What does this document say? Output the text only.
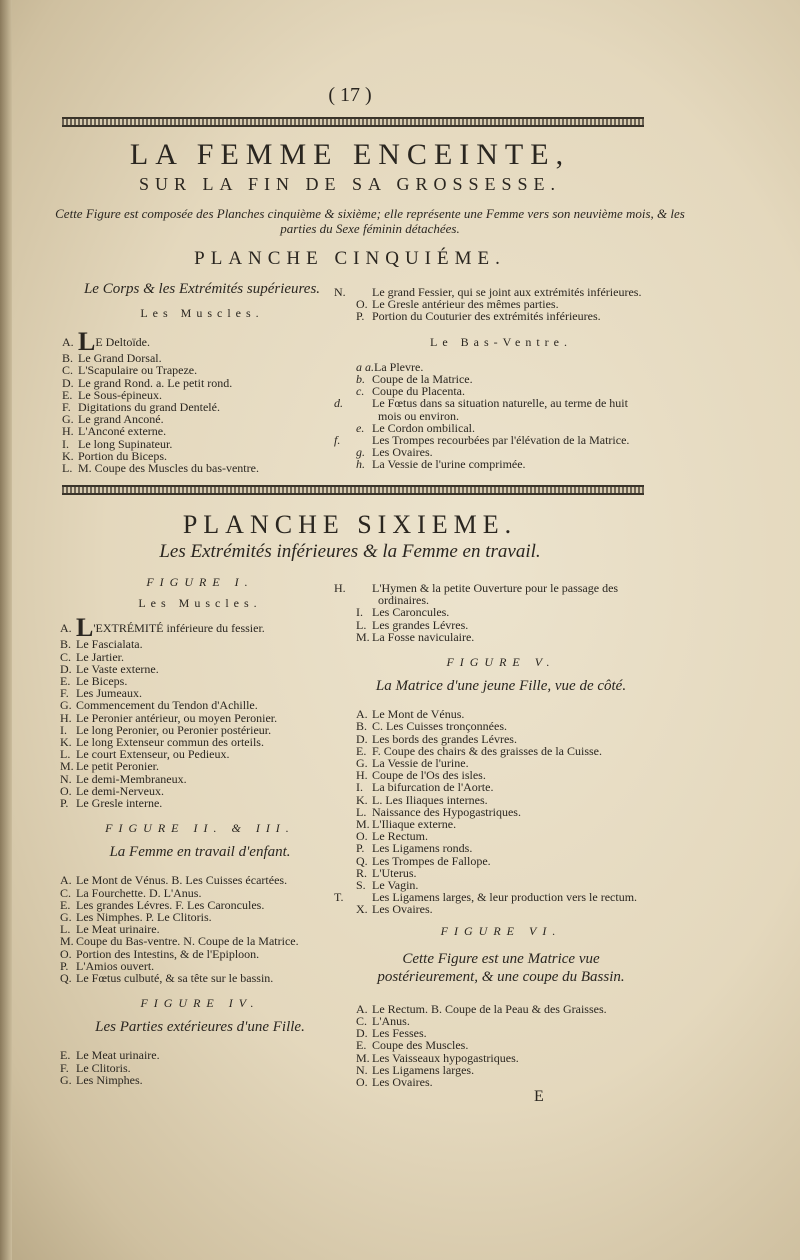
( 17 )
LA FEMME ENCEINTE,
SUR LA FIN DE SA GROSSESSE.
Cette Figure est composée des Planches cinquième & sixième; elle représente une Femme vers son neuvième mois, & les parties du Sexe féminin détachées.
PLANCHE CINQUIÉME.
Le Corps & les Extrémités supérieures.
Les Muscles.
A.LE Deltoïde.
B.Le Grand Dorsal.
C.L'Scapulaire ou Trapeze.
D.Le grand Rond. a. Le petit rond.
E.Le Sous-épineux.
F.Digitations du grand Dentelé.
G.Le grand Anconé.
H.L'Anconé externe.
I.Le long Supinateur.
K.Portion du Biceps.
L.M. Coupe des Muscles du bas-ventre.
N.Le grand Fessier, qui se joint aux extrémités inférieures.
O.Le Gresle antérieur des mêmes parties.
P.Portion du Couturier des extrémités inférieures.
Le Bas-Ventre.
a a.La Plevre.
b.Coupe de la Matrice.
c.Coupe du Placenta.
d.Le Fœtus dans sa situation naturelle, au terme de huit mois ou environ.
e.Le Cordon ombilical.
f.	Les Trompes recourbées par l'élévation de la Matrice.
g.Les Ovaires.
h.La Vessie de l'urine comprimée.
PLANCHE SIXIEME.
Les Extrémités inférieures & la Femme en travail.
FIGURE I.
Les Muscles.
A.L'EXTRÉMITÉ inférieure du fessier.
B.Le Fascialata.
C.Le Jartier.
D.Le Vaste externe.
E.Le Biceps.
F.Les Jumeaux.
G.Commencement du Tendon d'Achille.
H.Le Peronier antérieur, ou moyen Peronier.
I.Le long Peronier, ou Peronier postérieur.
K.Le long Extenseur commun des orteils.
L.Le court Extenseur, ou Pedieux.
M.Le petit Peronier.
N.Le demi-Membraneux.
O.Le demi-Nerveux.
P.Le Gresle interne.
FIGURE II. & III.
La Femme en travail d'enfant.
A.Le Mont de Vénus. B. Les Cuisses écartées.
C.La Fourchette. D. L'Anus.
E.Les grandes Lévres. F. Les Caroncules.
G.Les Nimphes. P. Le Clitoris.
L.Le Meat urinaire.
M.Coupe du Bas-ventre. N. Coupe de la Matrice.
O.Portion des Intestins, & de l'Epiploon.
P.L'Amios ouvert.
Q.Le Fœtus culbuté, & sa tête sur le bassin.
FIGURE IV.
Les Parties extérieures d'une Fille.
E.Le Meat urinaire.
F.Le Clitoris.
G.Les Nimphes.
H.L'Hymen & la petite Ouverture pour le passage des ordinaires.
I.Les Caroncules.
L.Les grandes Lévres.
M.La Fosse naviculaire.
FIGURE V.
La Matrice d'une jeune Fille, vue de côté.
A.Le Mont de Vénus.
B.C. Les Cuisses tronçonnées.
D.Les bords des grandes Lévres.
E.F. Coupe des chairs & des graisses de la Cuisse.
G.La Vessie de l'urine.
H.Coupe de l'Os des isles.
I.La bifurcation de l'Aorte.
K.L. Les Iliaques internes.
L.Naissance des Hypogastriques.
M.L'Iliaque externe.
O.Le Rectum.
P.Les Ligamens ronds.
Q.Les Trompes de Fallope.
R.L'Uterus.
S.Le Vagin.
T.Les Ligamens larges, & leur production vers le rectum.
X.Les Ovaires.
FIGURE VI.
Cette Figure est une Matrice vue postérieurement, & une coupe du Bassin.
A.Le Rectum. B. Coupe de la Peau & des Graisses.
C.L'Anus.
D.Les Fesses.
E.Coupe des Muscles.
M.Les Vaisseaux hypogastriques.
N.Les Ligamens larges.
O.Les Ovaires.
E
